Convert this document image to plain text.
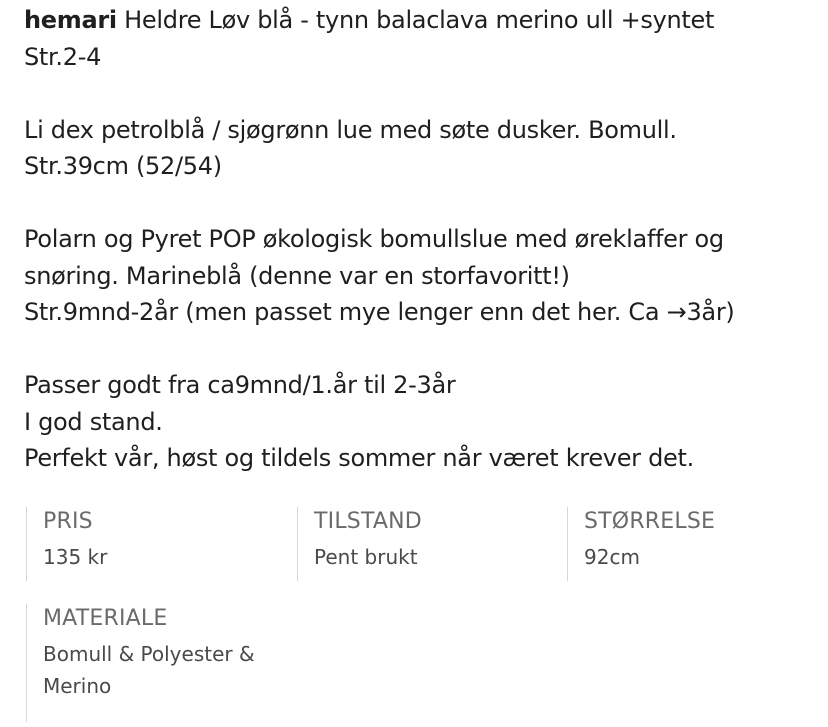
hemari Heldre Løv blå - tynn balaclava merino ull +syntet
Str.2-4

Li dex petrolblå / sjøgrønn lue med søte dusker. Bomull.
Str.39cm (52/54)

Polarn og Pyret POP økologisk bomullslue med øreklaffer og
snøring. Marineblå (denne var en storfavoritt!)
Str.9mnd-2år (men passet mye lenger enn det her. Ca →3år)

Passer godt fra ca9mnd/1.år til 2-3år
I god stand.
Perfekt vår, høst og tildels sommer når været krever det.

PRIS
135 kr
TILSTAND
Pent brukt
STØRRELSE
92cm
MATERIALE
Bomull & Polyester & Merino
